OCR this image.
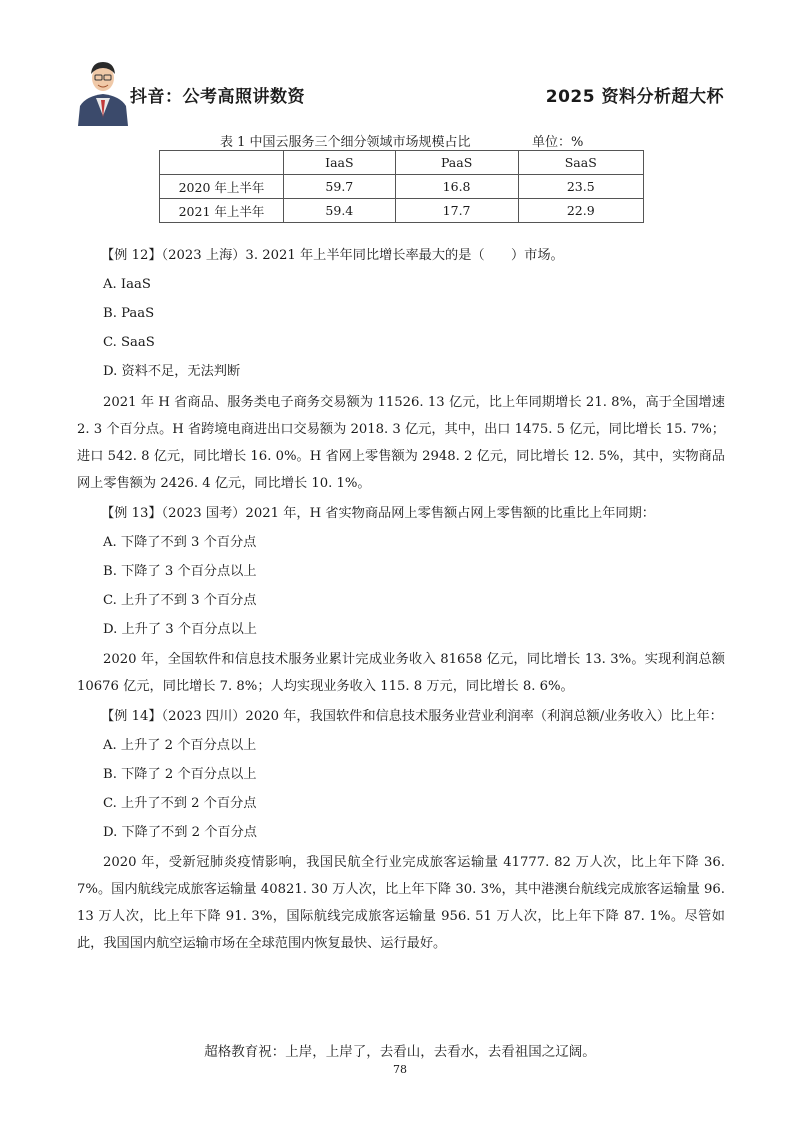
抖音：公考高照讲数资	2025 资料分析超大杯
表 1 中国云服务三个细分领域市场规模占比	单位：%
	IaaS	PaaS	SaaS
2020 年上半年	59.7	16.8	23.5
2021 年上半年	59.4	17.7	22.9

【例 12】（2023 上海）3. 2021 年上半年同比增长率最大的是（　　）市场。

A. IaaS

B. PaaS

C. SaaS

D. 资料不足，无法判断

2021 年 H 省商品、服务类电子商务交易额为 11526. 13 亿元，比上年同期增长 21. 8%，高于全国增速 2. 3 个百分点。H 省跨境电商进出口交易额为 2018. 3 亿元，其中，出口 1475. 5 亿元，同比增长 15. 7%；进口 542. 8 亿元，同比增长 16. 0%。H 省网上零售额为 2948. 2 亿元，同比增长 12. 5%，其中，实物商品网上零售额为 2426. 4 亿元，同比增长 10. 1%。

【例 13】（2023 国考）2021 年，H 省实物商品网上零售额占网上零售额的比重比上年同期：

A. 下降了不到 3 个百分点

B. 下降了 3 个百分点以上

C. 上升了不到 3 个百分点

D. 上升了 3 个百分点以上

2020 年，全国软件和信息技术服务业累计完成业务收入 81658 亿元，同比增长 13. 3%。实现利润总额 10676 亿元，同比增长 7. 8%；人均实现业务收入 115. 8 万元，同比增长 8. 6%。

【例 14】（2023 四川）2020 年，我国软件和信息技术服务业营业利润率（利润总额/业务收入）比上年：

A. 上升了 2 个百分点以上

B. 下降了 2 个百分点以上

C. 上升了不到 2 个百分点

D. 下降了不到 2 个百分点

2020 年，受新冠肺炎疫情影响，我国民航全行业完成旅客运输量 41777. 82 万人次，比上年下降 36. 7%。国内航线完成旅客运输量 40821. 30 万人次，比上年下降 30. 3%，其中港澳台航线完成旅客运输量 96. 13 万人次，比上年下降 91. 3%，国际航线完成旅客运输量 956. 51 万人次，比上年下降 87. 1%。尽管如此，我国国内航空运输市场在全球范围内恢复最快、运行最好。

超格教育祝：上岸，上岸了，去看山，去看水，去看祖国之辽阔。
78
